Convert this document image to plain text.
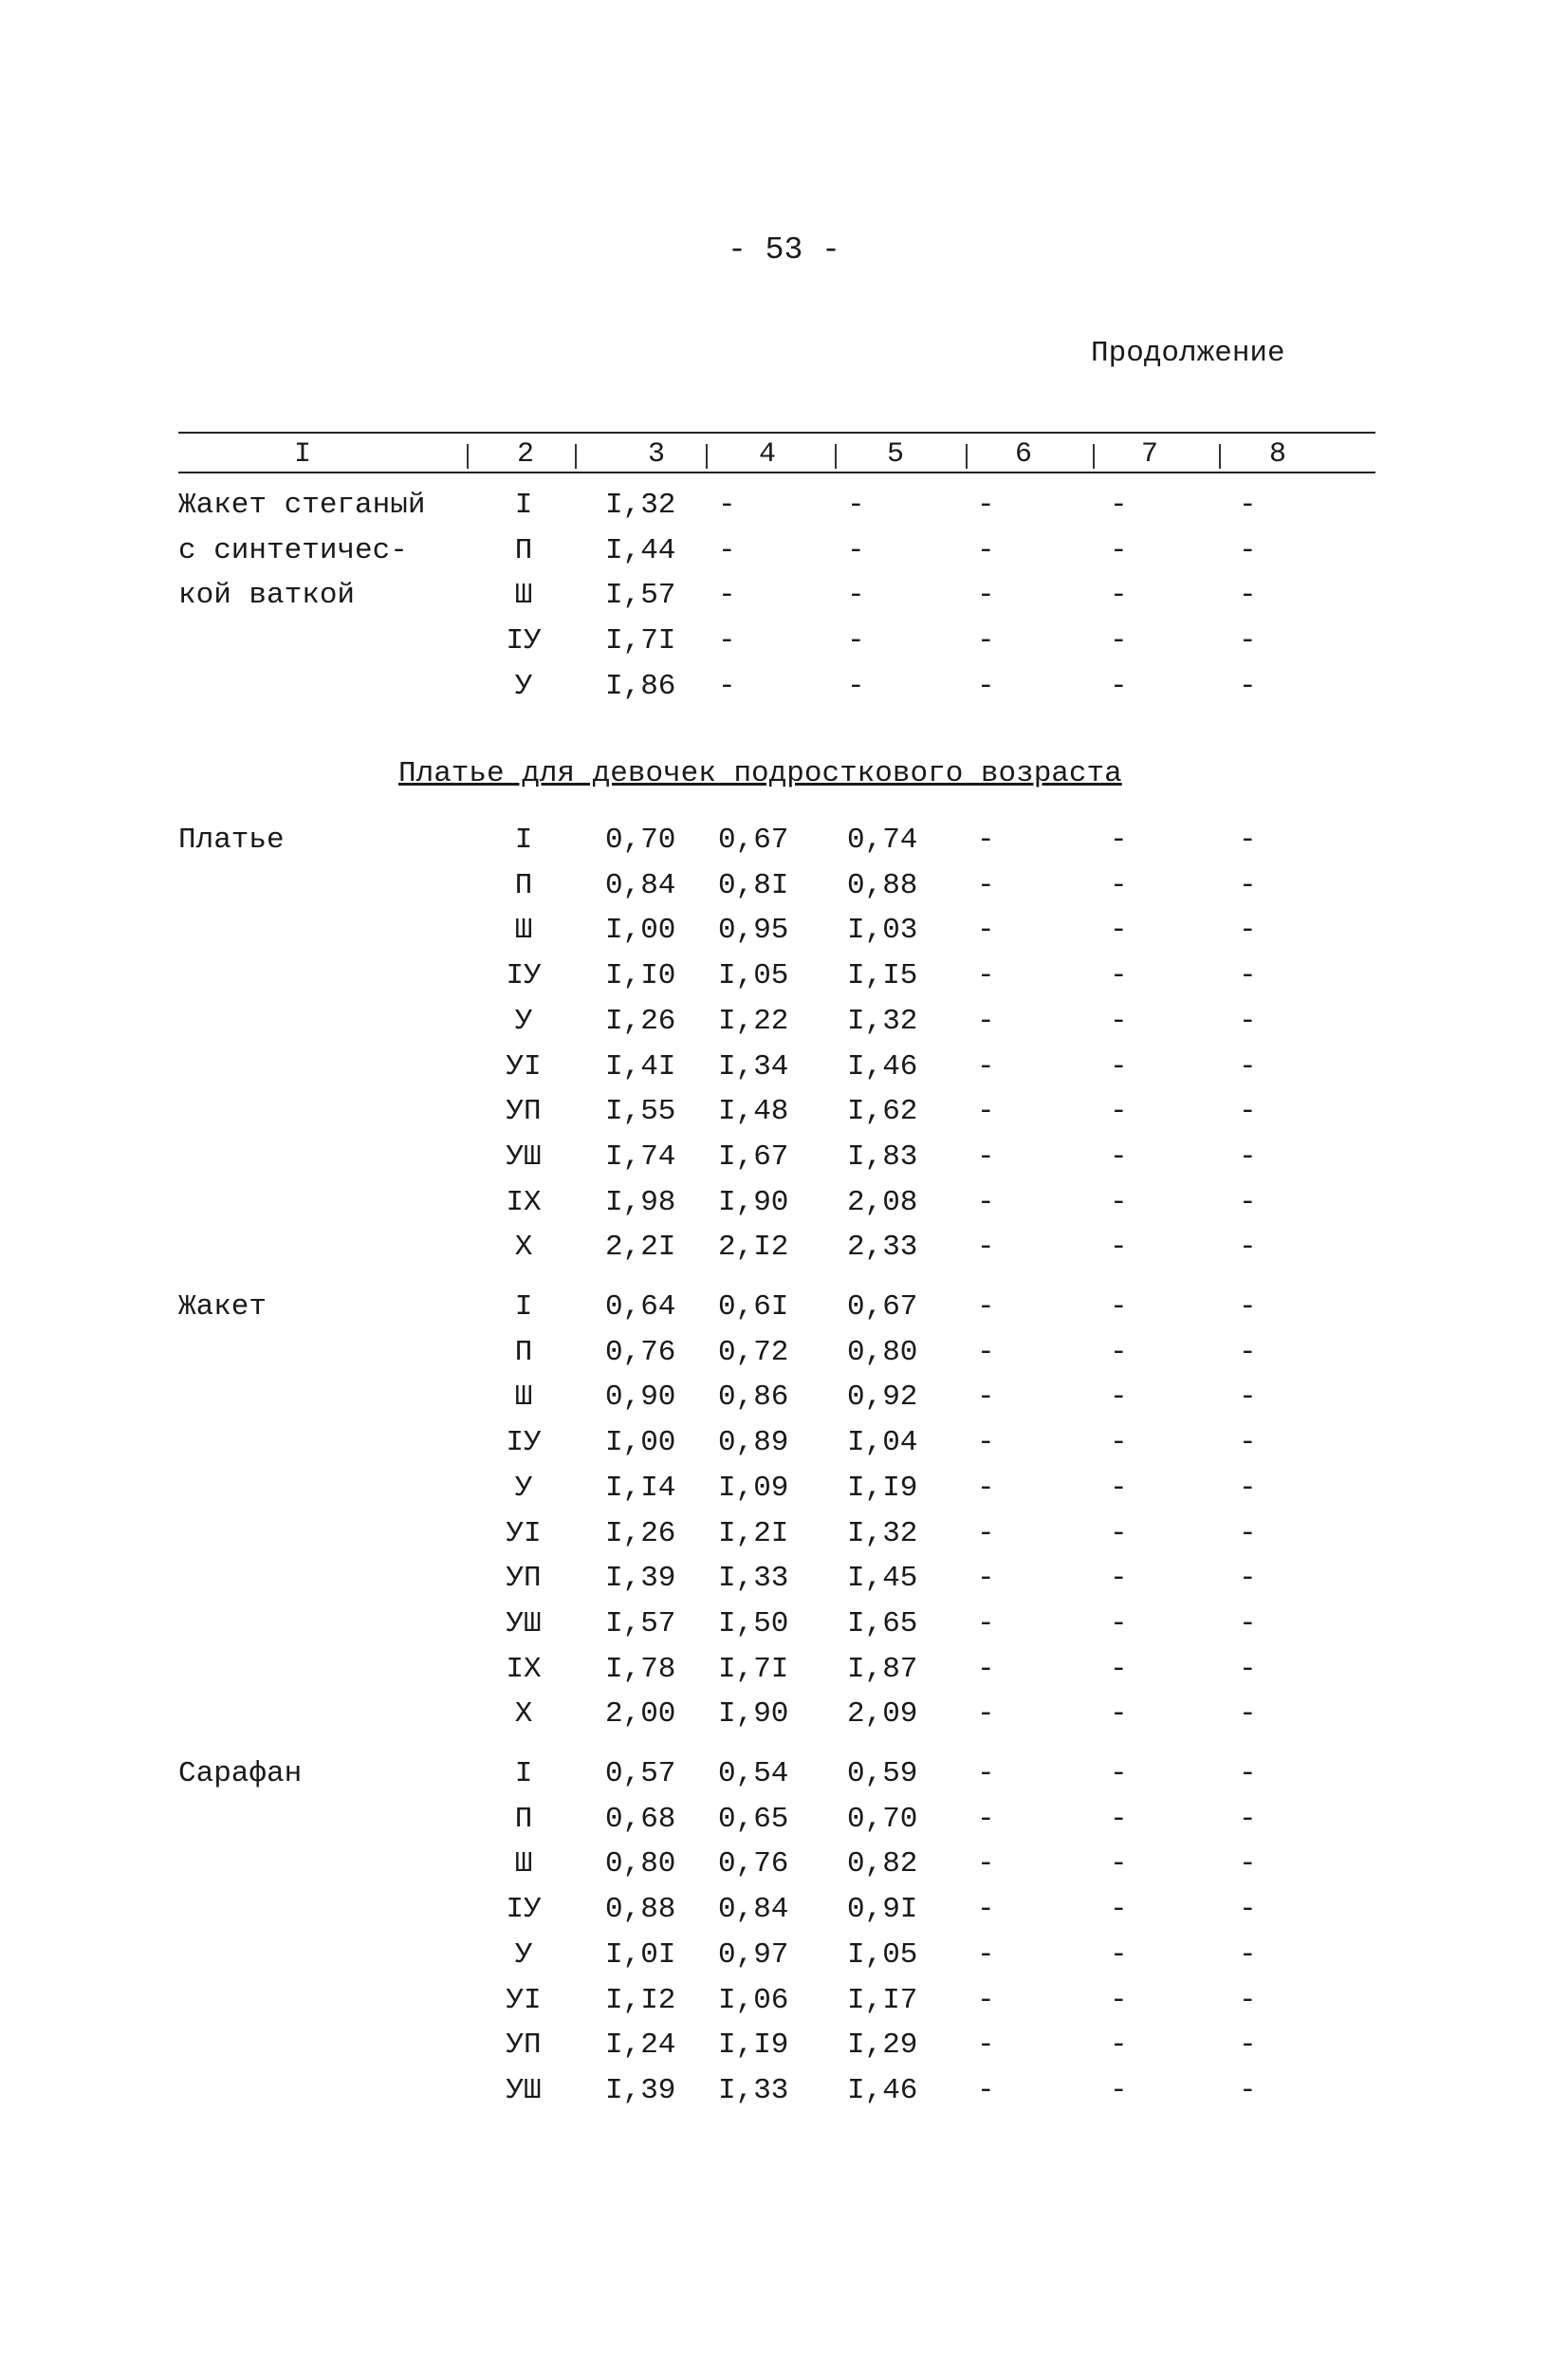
- 53 -
Продолжение
I	2	3	4	5	6	7	8
Платье для девочек подросткового возраста
Жакет стеганый	I	I,32 -	-	-	-	-
с синтетичес-	П	I,44 -	-	-	-	-
кой ваткой	Ш	I,57 -	-	-	-	-
IУ I,7I -	-	-	-	-
У	I,86 -	-	-	-	-
Платье	I	0,70 0,67 0,74 -	-	-
П	0,84 0,8I 0,88 -	-	-
Ш	I,00 0,95 I,03 -	-	-
IУ I,I0 I,05 I,I5 -	-	-
У	I,26 I,22 I,32 -	-	-
УI I,4I I,34 I,46 -	-	-
УП I,55 I,48 I,62 -	-	-
УШ I,74 I,67 I,83 -	-	-
IX I,98 I,90 2,08 -	-	-
X	2,2I 2,I2 2,33 -	-	-
Жакет	I	0,64 0,6I 0,67 -	-	-
П	0,76 0,72 0,80 -	-	-
Ш	0,90 0,86 0,92 -	-	-
IУ I,00 0,89 I,04 -	-	-
У	I,I4 I,09 I,I9 -	-	-
УI I,26 I,2I I,32 -	-	-
УП I,39 I,33 I,45 -	-	-
УШ I,57 I,50 I,65 -	-	-
IX I,78 I,7I I,87 -	-	-
X	2,00 I,90 2,09 -	-	-
Сарафан	I	0,57 0,54 0,59 -	-	-
П	0,68 0,65 0,70 -	-	-
Ш	0,80 0,76 0,82 -	-	-
IУ 0,88 0,84 0,9I -	-	-
У	I,0I 0,97 I,05 -	-	-
УI I,I2 I,06 I,I7 -	-	-
УП I,24 I,I9 I,29 -	-	-
УШ I,39 I,33 I,46 -	-	-
